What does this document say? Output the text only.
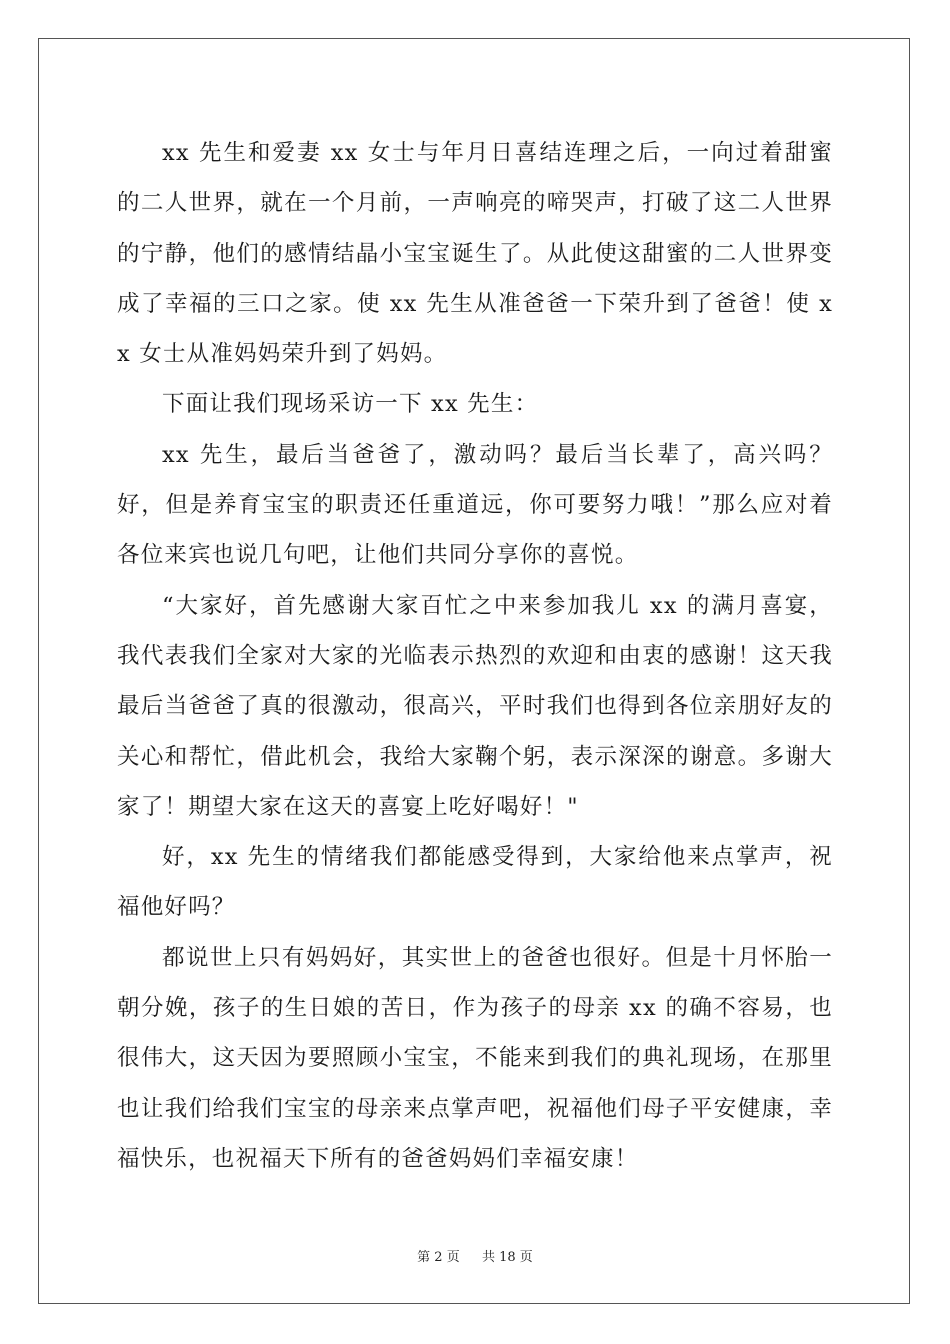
xx 先生和爱妻 xx 女士与年月日喜结连理之后，一向过着甜蜜的二人世界，就在一个月前，一声响亮的啼哭声，打破了这二人世界的宁静，他们的感情结晶小宝宝诞生了。从此使这甜蜜的二人世界变成了幸福的三口之家。使 xx 先生从准爸爸一下荣升到了爸爸！使 xx 女士从准妈妈荣升到了妈妈。

下面让我们现场采访一下 xx 先生：

xx 先生，最后当爸爸了，激动吗？最后当长辈了，高兴吗？好，但是养育宝宝的职责还任重道远，你可要努力哦！”那么应对着各位来宾也说几句吧，让他们共同分享你的喜悦。

“大家好，首先感谢大家百忙之中来参加我儿 xx 的满月喜宴，我代表我们全家对大家的光临表示热烈的欢迎和由衷的感谢！这天我最后当爸爸了真的很激动，很高兴，平时我们也得到各位亲朋好友的关心和帮忙，借此机会，我给大家鞠个躬，表示深深的谢意。多谢大家了！期望大家在这天的喜宴上吃好喝好！"

好，xx 先生的情绪我们都能感受得到，大家给他来点掌声，祝福他好吗？

都说世上只有妈妈好，其实世上的爸爸也很好。但是十月怀胎一朝分娩，孩子的生日娘的苦日，作为孩子的母亲 xx 的确不容易，也很伟大，这天因为要照顾小宝宝，不能来到我们的典礼现场，在那里也让我们给我们宝宝的母亲来点掌声吧，祝福他们母子平安健康，幸福快乐，也祝福天下所有的爸爸妈妈们幸福安康！

第 2 页 共 18 页
